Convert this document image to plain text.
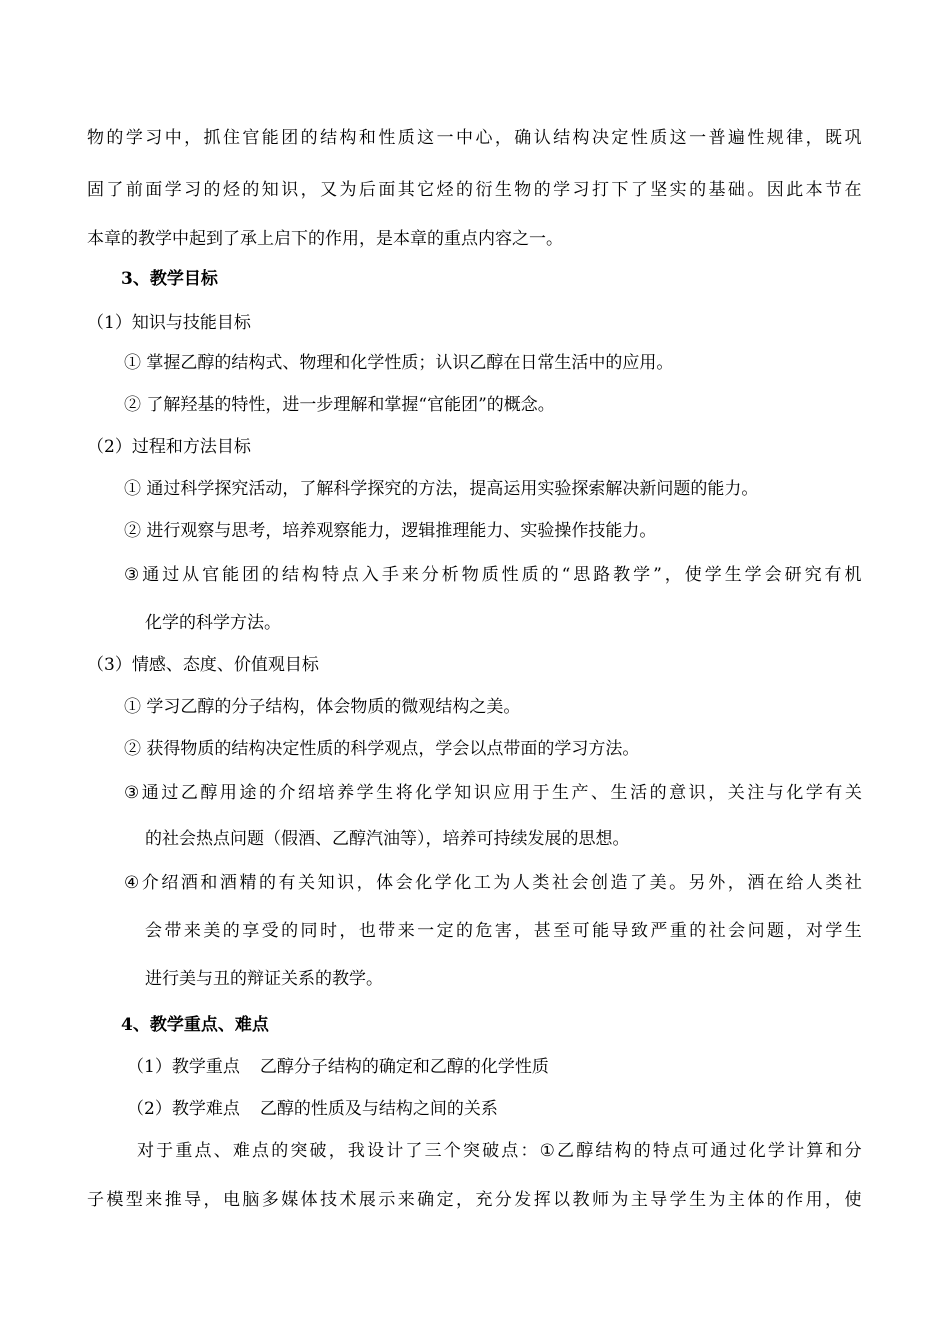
物 的 学 习 中 ， 抓 住 官 能 团 的 结 构 和 性 质 这 一 中 心 ， 确 认 结 构 决 定 性 质 这 一 普 遍 性 规 律 ， 既 巩
固 了 前 面 学 习 的 烃 的 知 识 ， 又 为 后 面 其 它 烃 的 衍 生 物 的 学 习 打 下 了 坚 实 的 基 础 。 因 此 本 节 在
本章的教学中起到了承上启下的作用，是本章的重点内容之一。
3、教学目标
（1）知识与技能目标
① 掌握乙醇的结构式、物理和化学性质；认识乙醇在日常生活中的应用。
② 了解羟基的特性，进一步理解和掌握“官能团”的概念。
（2）过程和方法目标
① 通过科学探究活动，了解科学探究的方法，提高运用实验探索解决新问题的能力。
② 进行观察与思考，培养观察能力，逻辑推理能力、实验操作技能力。
③ 通 过 从 官 能 团 的 结 构 特 点 入 手 来 分 析 物 质 性 质 的 “ 思 路 教 学 ” ， 使 学 生 学 会 研 究 有 机
化学的科学方法。
（3）情感、态度、价值观目标
① 学习乙醇的分子结构，体会物质的微观结构之美。
② 获得物质的结构决定性质的科学观点，学会以点带面的学习方法。
③ 通 过 乙 醇 用 途 的 介 绍 培 养 学 生 将 化 学 知 识 应 用 于 生 产 、 生 活 的 意 识 ， 关 注 与 化 学 有 关
的社会热点问题（假酒、乙醇汽油等），培养可持续发展的思想。
④ 介 绍 酒 和 酒 精 的 有 关 知 识 ， 体 会 化 学 化 工 为 人 类 社 会 创 造 了 美 。 另 外 ， 酒 在 给 人 类 社
会 带 来 美 的 享 受 的 同 时 ， 也 带 来 一 定 的 危 害 ， 甚 至 可 能 导 致 严 重 的 社 会 问 题 ， 对 学 生
进行美与丑的辩证关系的教学。
4、教学重点、难点
（1）教学重点 乙醇分子结构的确定和乙醇的化学性质
（2）教学难点 乙醇的性质及与结构之间的关系
对 于 重 点 、 难 点 的 突 破 ， 我 设 计 了 三 个 突 破 点 ： ① 乙 醇 结 构 的 特 点 可 通 过 化 学 计 算 和 分
子 模 型 来 推 导 ， 电 脑 多 媒 体 技 术 展 示 来 确 定 ， 充 分 发 挥 以 教 师 为 主 导 学 生 为 主 体 的 作 用 ， 使
